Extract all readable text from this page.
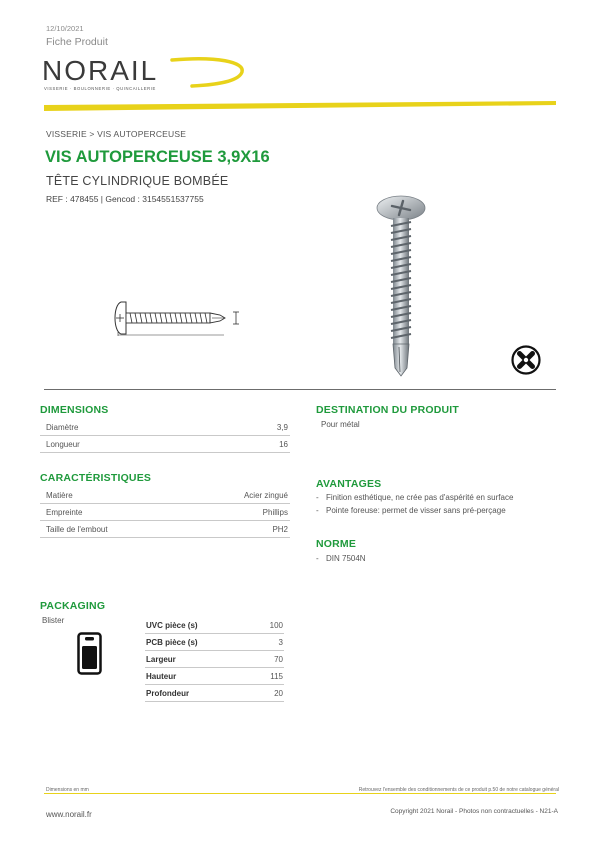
12/10/2021
Fiche Produit
NORAIL
VISSERIE · BOULONNERIE · QUINCAILLERIE
VISSERIE > VIS AUTOPERCEUSE
VIS AUTOPERCEUSE 3,9X16
TÊTE CYLINDRIQUE BOMBÉE
REF : 478455 | Gencod : 3154551537755
DIMENSIONS
Diamètre	3,9
Longueur	16
CARACTÉRISTIQUES
Matière	Acier zingué
Empreinte	Phillips
Taille de l'embout	PH2
DESTINATION DU PRODUIT
Pour métal
AVANTAGES
- Finition esthétique, ne crée pas d'aspérité en surface
- Pointe foreuse: permet de visser sans pré-perçage
NORME
- DIN 7504N
PACKAGING
Blister	UVC pièce (s)	100
PCB pièce (s)	3
Largeur	70
Hauteur	115
Profondeur	20
Dimensions en mm	Retrouvez l'ensemble des conditionnements de ce produit p.50 de notre catalogue général
www.norail.fr	Copyright 2021 Norail - Photos non contractuelles - N21-A
